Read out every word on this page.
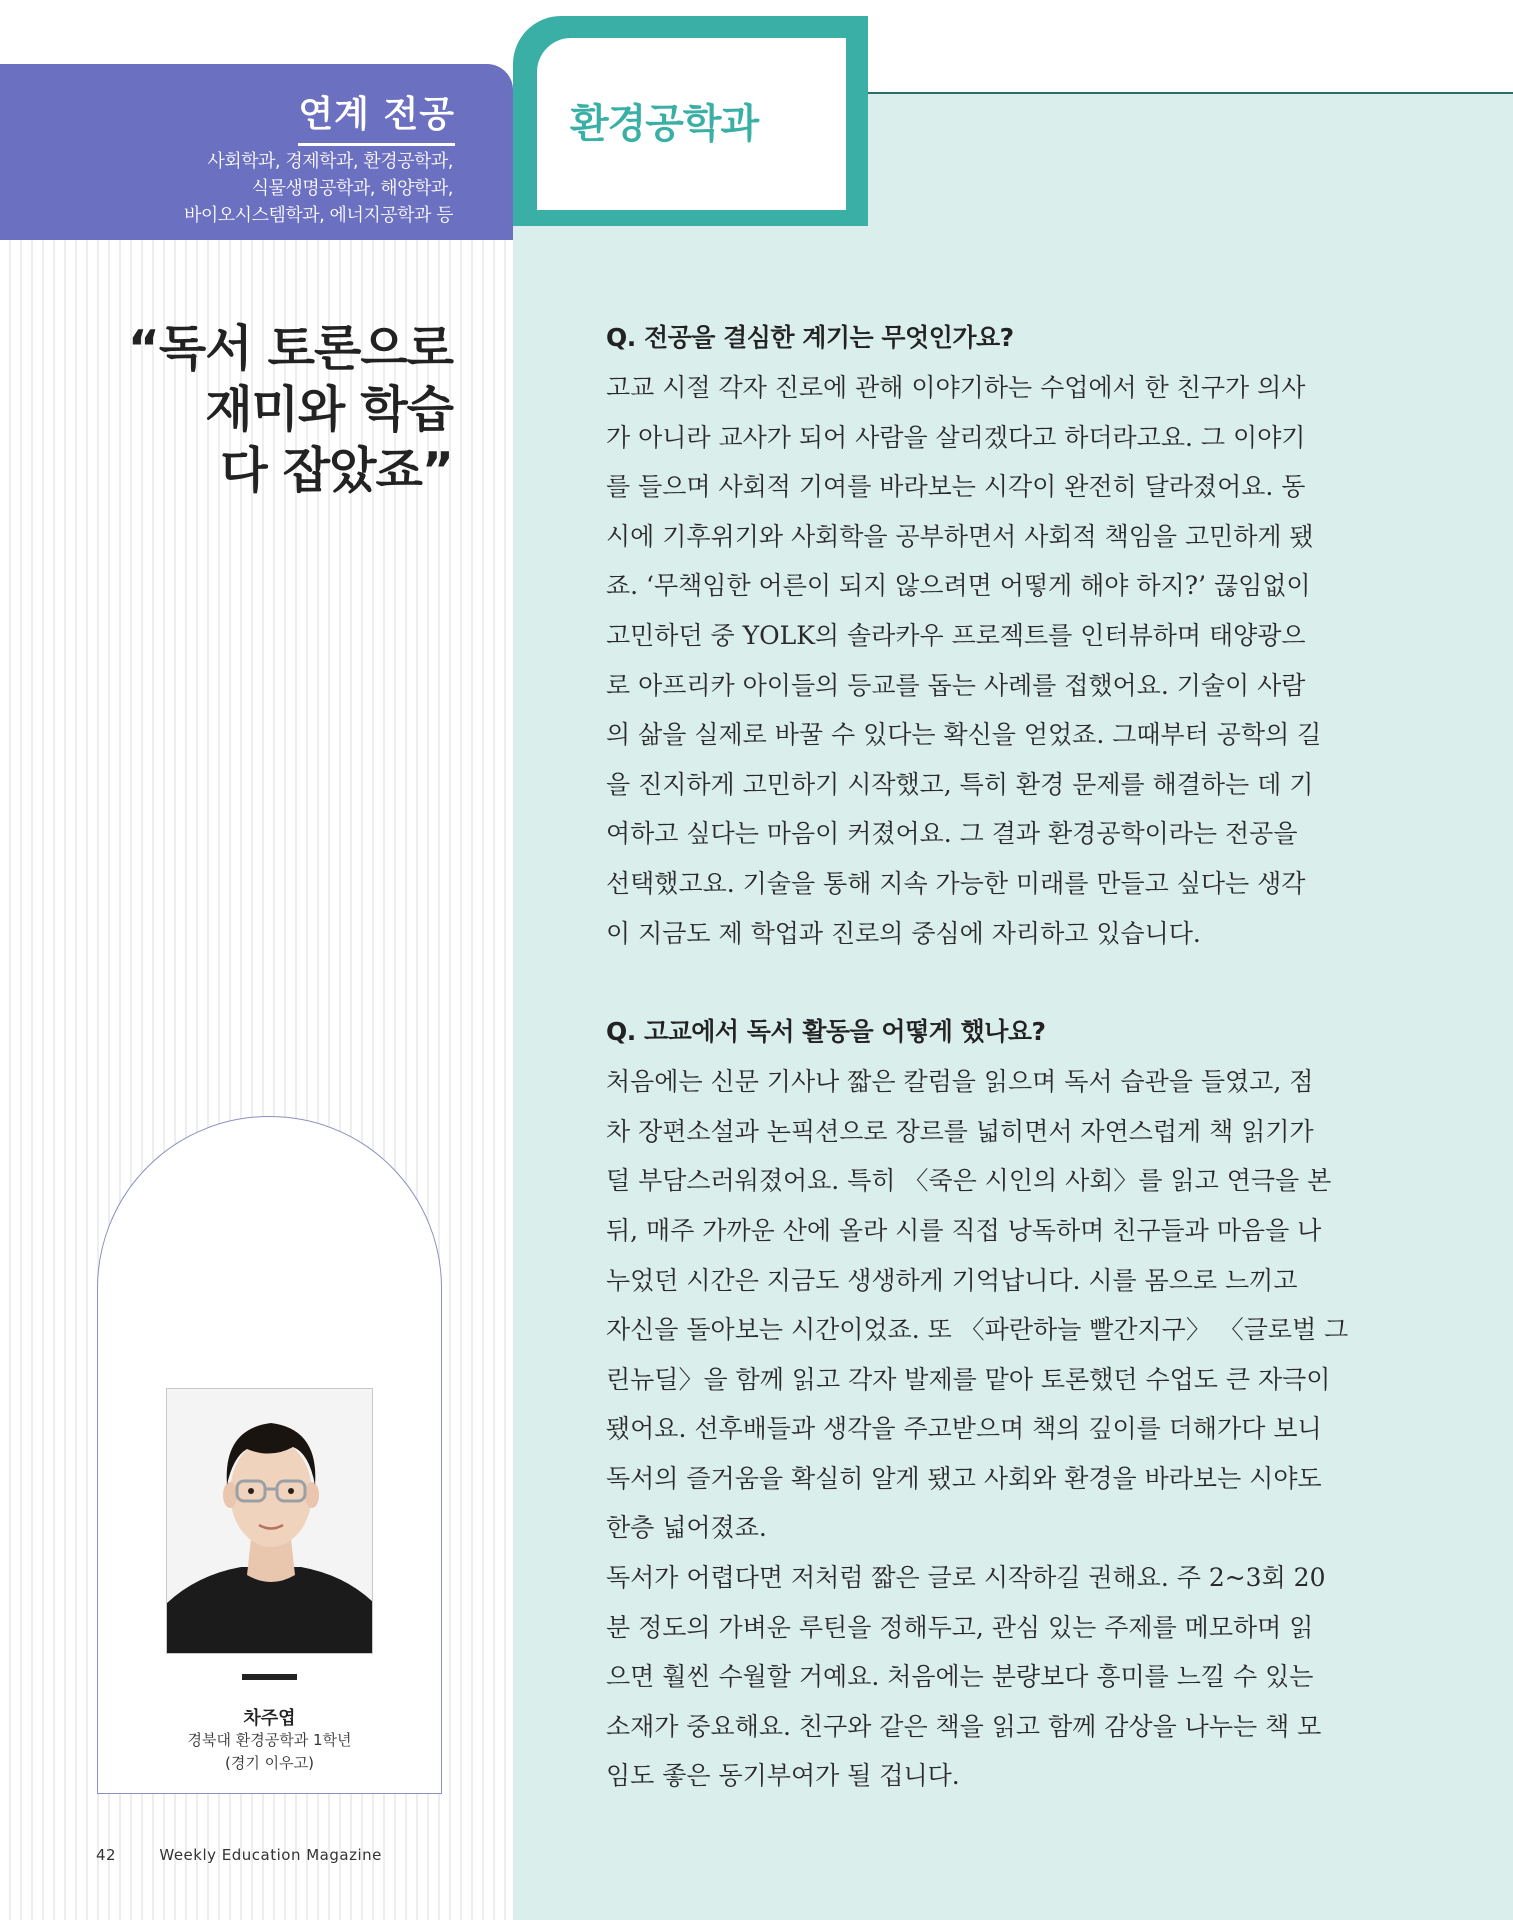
연계 전공
사회학과, 경제학과, 환경공학과,
식물생명공학과, 해양학과,
바이오시스템학과, 에너지공학과 등
환경공학과
“독서 토론으로
재미와 학습
다 잡았죠”
차주엽
경북대 환경공학과 1학년
(경기 이우고)
42	Weekly Education Magazine
Q. 전공을 결심한 계기는 무엇인가요?
고교 시절 각자 진로에 관해 이야기하는 수업에서 한 친구가 의사
가 아니라 교사가 되어 사람을 살리겠다고 하더라고요. 그 이야기
를 들으며 사회적 기여를 바라보는 시각이 완전히 달라졌어요. 동
시에 기후위기와 사회학을 공부하면서 사회적 책임을 고민하게 됐
죠. ‘무책임한 어른이 되지 않으려면 어떻게 해야 하지?’ 끊임없이
고민하던 중 YOLK의 솔라카우 프로젝트를 인터뷰하며 태양광으
로 아프리카 아이들의 등교를 돕는 사례를 접했어요. 기술이 사람
의 삶을 실제로 바꿀 수 있다는 확신을 얻었죠. 그때부터 공학의 길
을 진지하게 고민하기 시작했고, 특히 환경 문제를 해결하는 데 기
여하고 싶다는 마음이 커졌어요. 그 결과 환경공학이라는 전공을
선택했고요. 기술을 통해 지속 가능한 미래를 만들고 싶다는 생각
이 지금도 제 학업과 진로의 중심에 자리하고 있습니다.
Q. 고교에서 독서 활동을 어떻게 했나요?
처음에는 신문 기사나 짧은 칼럼을 읽으며 독서 습관을 들였고, 점
차 장편소설과 논픽션으로 장르를 넓히면서 자연스럽게 책 읽기가
덜 부담스러워졌어요. 특히 〈죽은 시인의 사회〉를 읽고 연극을 본
뒤, 매주 가까운 산에 올라 시를 직접 낭독하며 친구들과 마음을 나
누었던 시간은 지금도 생생하게 기억납니다. 시를 몸으로 느끼고
자신을 돌아보는 시간이었죠. 또 〈파란하늘 빨간지구〉 〈글로벌 그
린뉴딜〉을 함께 읽고 각자 발제를 맡아 토론했던 수업도 큰 자극이
됐어요. 선후배들과 생각을 주고받으며 책의 깊이를 더해가다 보니
독서의 즐거움을 확실히 알게 됐고 사회와 환경을 바라보는 시야도
한층 넓어졌죠.
독서가 어렵다면 저처럼 짧은 글로 시작하길 권해요. 주 2~3회 20
분 정도의 가벼운 루틴을 정해두고, 관심 있는 주제를 메모하며 읽
으면 훨씬 수월할 거예요. 처음에는 분량보다 흥미를 느낄 수 있는
소재가 중요해요. 친구와 같은 책을 읽고 함께 감상을 나누는 책 모
임도 좋은 동기부여가 될 겁니다.
